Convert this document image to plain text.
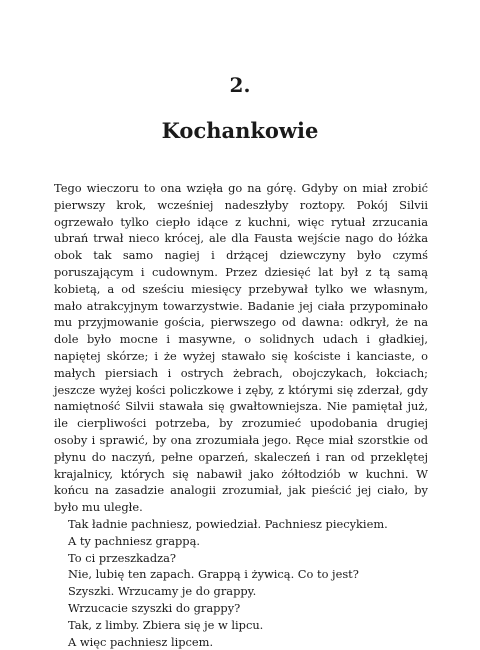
2.
Kochankowie

Tego wieczoru to ona wzięła go na górę. Gdyby on miał zrobić pierwszy krok, wcześniej nadeszłyby roztopy. Pokój Silvii ogrzewało tylko ciepło idące z kuchni, więc rytuał zrzucania ubrań trwał nieco krócej, ale dla Fausta wejście nago do łóżka obok tak samo nagiej i drżącej dziewczyny było czymś poruszającym i cudownym. Przez dziesięć lat był z tą samą kobietą, a od sześciu miesięcy przebywał tylko we własnym, mało atrakcyjnym towarzystwie. Badanie jej ciała przypominało mu przyjmowanie gościa, pierwszego od dawna: odkrył, że na dole było mocne i masywne, o solidnych udach i gładkiej, napiętej skórze; i że wyżej stawało się kościste i kanciaste, o małych piersiach i ostrych żebrach, obojczykach, łokciach; jeszcze wyżej kości policzkowe i zęby, z którymi się zderzał, gdy namiętność Silvii stawała się gwałtowniejsza. Nie pamiętał już, ile cierpliwości potrzeba, by zrozumieć upodobania drugiej osoby i sprawić, by ona zrozumiała jego. Ręce miał szorstkie od płynu do naczyń, pełne oparzeń, skaleczeń i ran od przeklętej krajalnicy, których się nabawił jako żółtodziób w kuchni. W końcu na zasadzie analogii zrozumiał, jak pieścić jej ciało, by było mu uległe.

Tak ładnie pachniesz, powiedział. Pachniesz piecykiem.

A ty pachniesz grappą.

To ci przeszkadza?

Nie, lubię ten zapach. Grappą i żywicą. Co to jest?

Szyszki. Wrzucamy je do grappy.

Wrzucacie szyszki do grappy?

Tak, z limby. Zbiera się je w lipcu.

A więc pachniesz lipcem.
